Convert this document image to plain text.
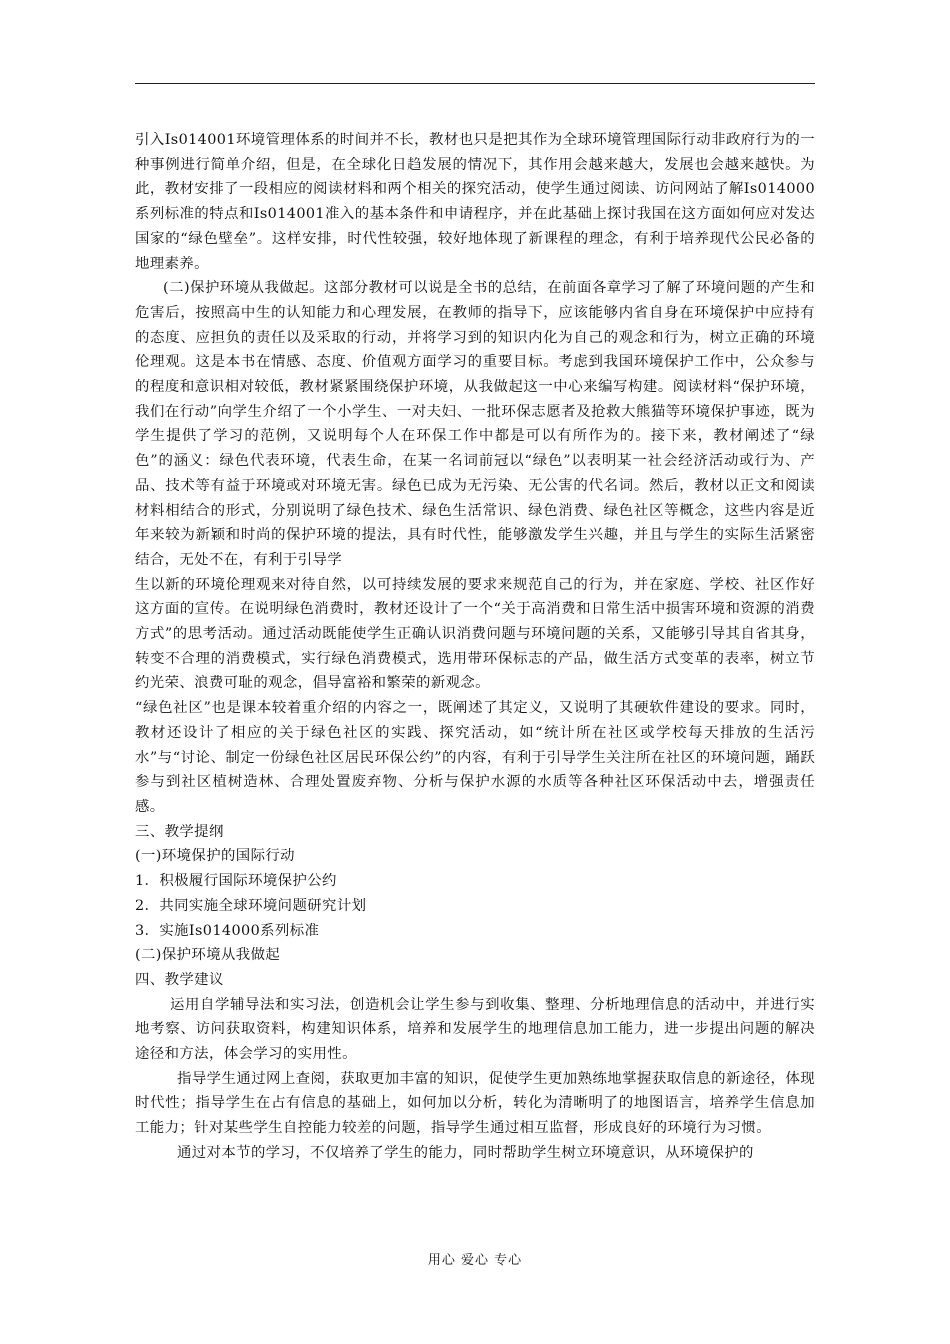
引入Is014001环境管理体系的时间并不长，教材也只是把其作为全球环境管理国际行动非政府行为的一种事例进行简单介绍，但是，在全球化日趋发展的情况下，其作用会越来越大，发展也会越来越快。为此，教材安排了一段相应的阅读材料和两个相关的探究活动，使学生通过阅读、访问网站了解Is014000系列标准的特点和Is014001准入的基本条件和申请程序，并在此基础上探讨我国在这方面如何应对发达国家的“绿色壁垒”。这样安排，时代性较强，较好地体现了新课程的理念，有利于培养现代公民必备的地理素养。

(二)保护环境从我做起。这部分教材可以说是全书的总结，在前面各章学习了解了环境问题的产生和危害后，按照高中生的认知能力和心理发展，在教师的指导下，应该能够内省自身在环境保护中应持有的态度、应担负的责任以及采取的行动，并将学习到的知识内化为自己的观念和行为，树立正确的环境伦理观。这是本书在情感、态度、价值观方面学习的重要目标。考虑到我国环境保护工作中，公众参与的程度和意识相对较低，教材紧紧围绕保护环境，从我做起这一中心来编写构建。阅读材料“保护环境，我们在行动”向学生介绍了一个小学生、一对夫妇、一批环保志愿者及抢救大熊猫等环境保护事迹，既为学生提供了学习的范例，又说明每个人在环保工作中都是可以有所作为的。接下来，教材阐述了“绿色”的涵义：绿色代表环境，代表生命，在某一名词前冠以“绿色”以表明某一社会经济活动或行为、产品、技术等有益于环境或对环境无害。绿色已成为无污染、无公害的代名词。然后，教材以正文和阅读材料相结合的形式，分别说明了绿色技术、绿色生活常识、绿色消费、绿色社区等概念，这些内容是近年来较为新颖和时尚的保护环境的提法，具有时代性，能够激发学生兴趣，并且与学生的实际生活紧密结合，无处不在，有利于引导学

生以新的环境伦理观来对待自然，以可持续发展的要求来规范自己的行为，并在家庭、学校、社区作好这方面的宣传。在说明绿色消费时，教材还设计了一个“关于高消费和日常生活中损害环境和资源的消费方式”的思考活动。通过活动既能使学生正确认识消费问题与环境问题的关系，又能够引导其自省其身，转变不合理的消费模式，实行绿色消费模式，选用带环保标志的产品，做生活方式变革的表率，树立节约光荣、浪费可耻的观念，倡导富裕和繁荣的新观念。

“绿色社区”也是课本较着重介绍的内容之一，既阐述了其定义，又说明了其硬软件建设的要求。同时，教材还设计了相应的关于绿色社区的实践、探究活动，如“统计所在社区或学校每天排放的生活污水”与“讨论、制定一份绿色社区居民环保公约”的内容，有利于引导学生关注所在社区的环境问题，踊跃参与到社区植树造林、合理处置废弃物、分析与保护水源的水质等各种社区环保活动中去，增强责任感。

三、教学提纲

(一)环境保护的国际行动

1．积极履行国际环境保护公约

2．共同实施全球环境问题研究计划

3．实施Is014000系列标准

(二)保护环境从我做起

四、教学建议

运用自学辅导法和实习法，创造机会让学生参与到收集、整理、分析地理信息的活动中，并进行实地考察、访问获取资料，构建知识体系，培养和发展学生的地理信息加工能力，进一步提出问题的解决途径和方法，体会学习的实用性。

指导学生通过网上查阅，获取更加丰富的知识，促使学生更加熟练地掌握获取信息的新途径，体现时代性；指导学生在占有信息的基础上，如何加以分析，转化为清晰明了的地图语言，培养学生信息加工能力；针对某些学生自控能力较差的问题，指导学生通过相互监督，形成良好的环境行为习惯。

通过对本节的学习，不仅培养了学生的能力，同时帮助学生树立环境意识，从环境保护的

用心 爱心 专心
